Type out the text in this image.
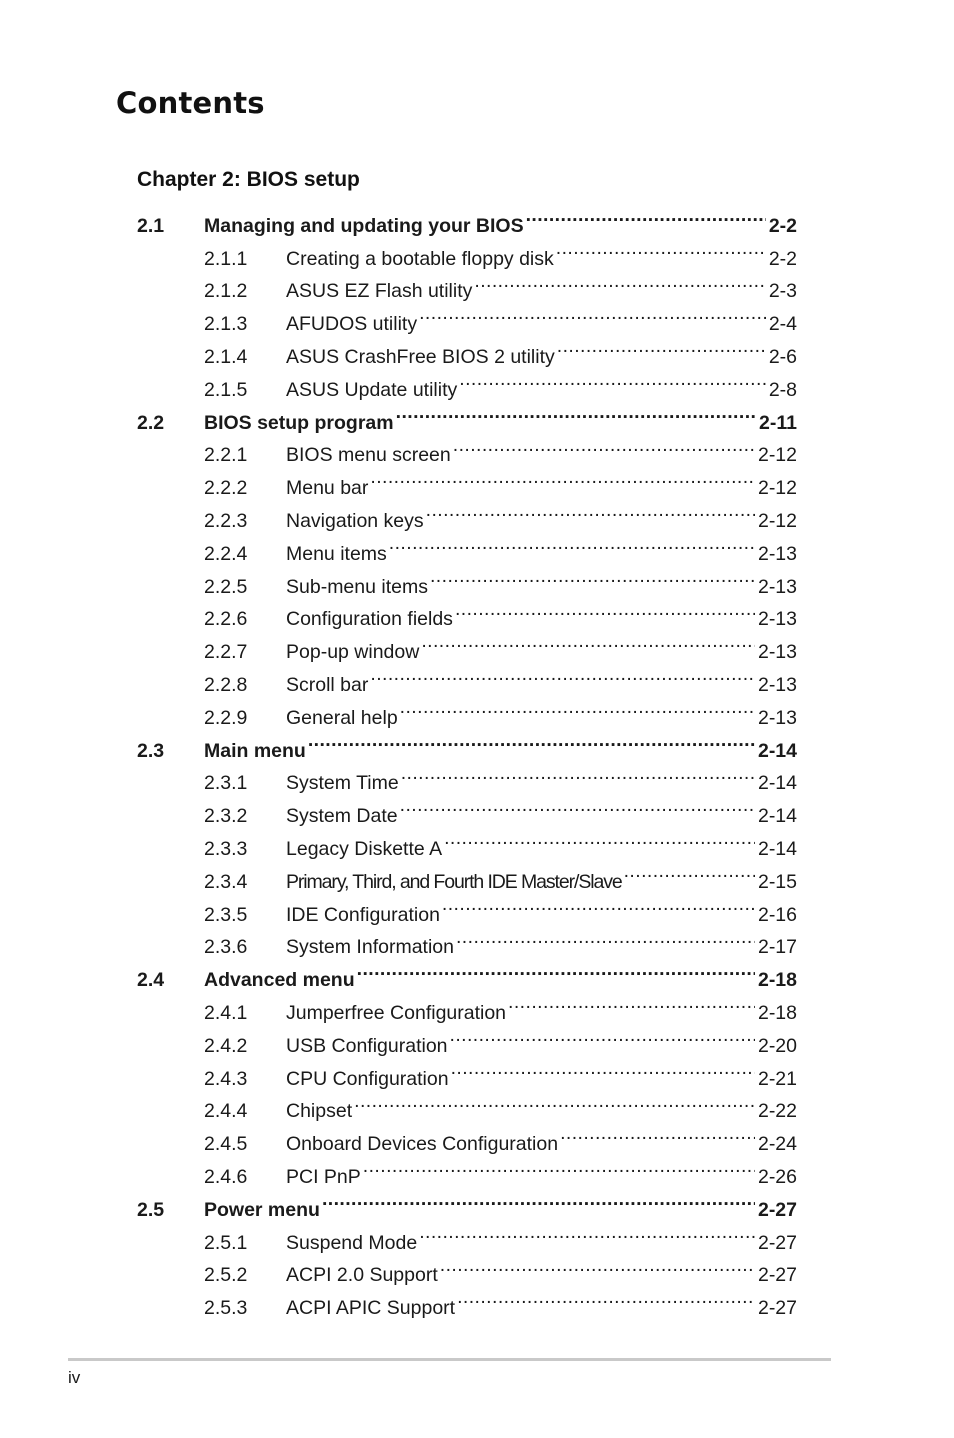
Contents
Chapter 2: BIOS setup
2.1	Managing and updating your BIOS .....	2-2
2.1.1	Creating a bootable floppy disk .....	2-2
2.1.2	ASUS EZ Flash utility .....	2-3
2.1.3	AFUDOS utility .....	2-4
2.1.4	ASUS CrashFree BIOS 2 utility .....	2-6
2.1.5	ASUS Update utility .....	2-8
2.2	BIOS setup program .....	2-11
2.2.1	BIOS menu screen .....	2-12
2.2.2	Menu bar .....	2-12
2.2.3	Navigation keys .....	2-12
2.2.4	Menu items .....	2-13
2.2.5	Sub-menu items .....	2-13
2.2.6	Configuration fields .....	2-13
2.2.7	Pop-up window .....	2-13
2.2.8	Scroll bar .....	2-13
2.2.9	General help .....	2-13
2.3	Main menu .....	2-14
2.3.1	System Time .....	2-14
2.3.2	System Date .....	2-14
2.3.3	Legacy Diskette A .....	2-14
2.3.4	Primary, Third, and Fourth IDE Master/Slave .....	2-15
2.3.5	IDE Configuration .....	2-16
2.3.6	System Information .....	2-17
2.4	Advanced menu .....	2-18
2.4.1	Jumperfree Configuration .....	2-18
2.4.2	USB Configuration .....	2-20
2.4.3	CPU Configuration .....	2-21
2.4.4	Chipset .....	2-22
2.4.5	Onboard Devices Configuration .....	2-24
2.4.6	PCI PnP .....	2-26
2.5	Power menu .....	2-27
2.5.1	Suspend Mode .....	2-27
2.5.2	ACPI 2.0 Support .....	2-27
2.5.3	ACPI APIC Support .....	2-27
iv
